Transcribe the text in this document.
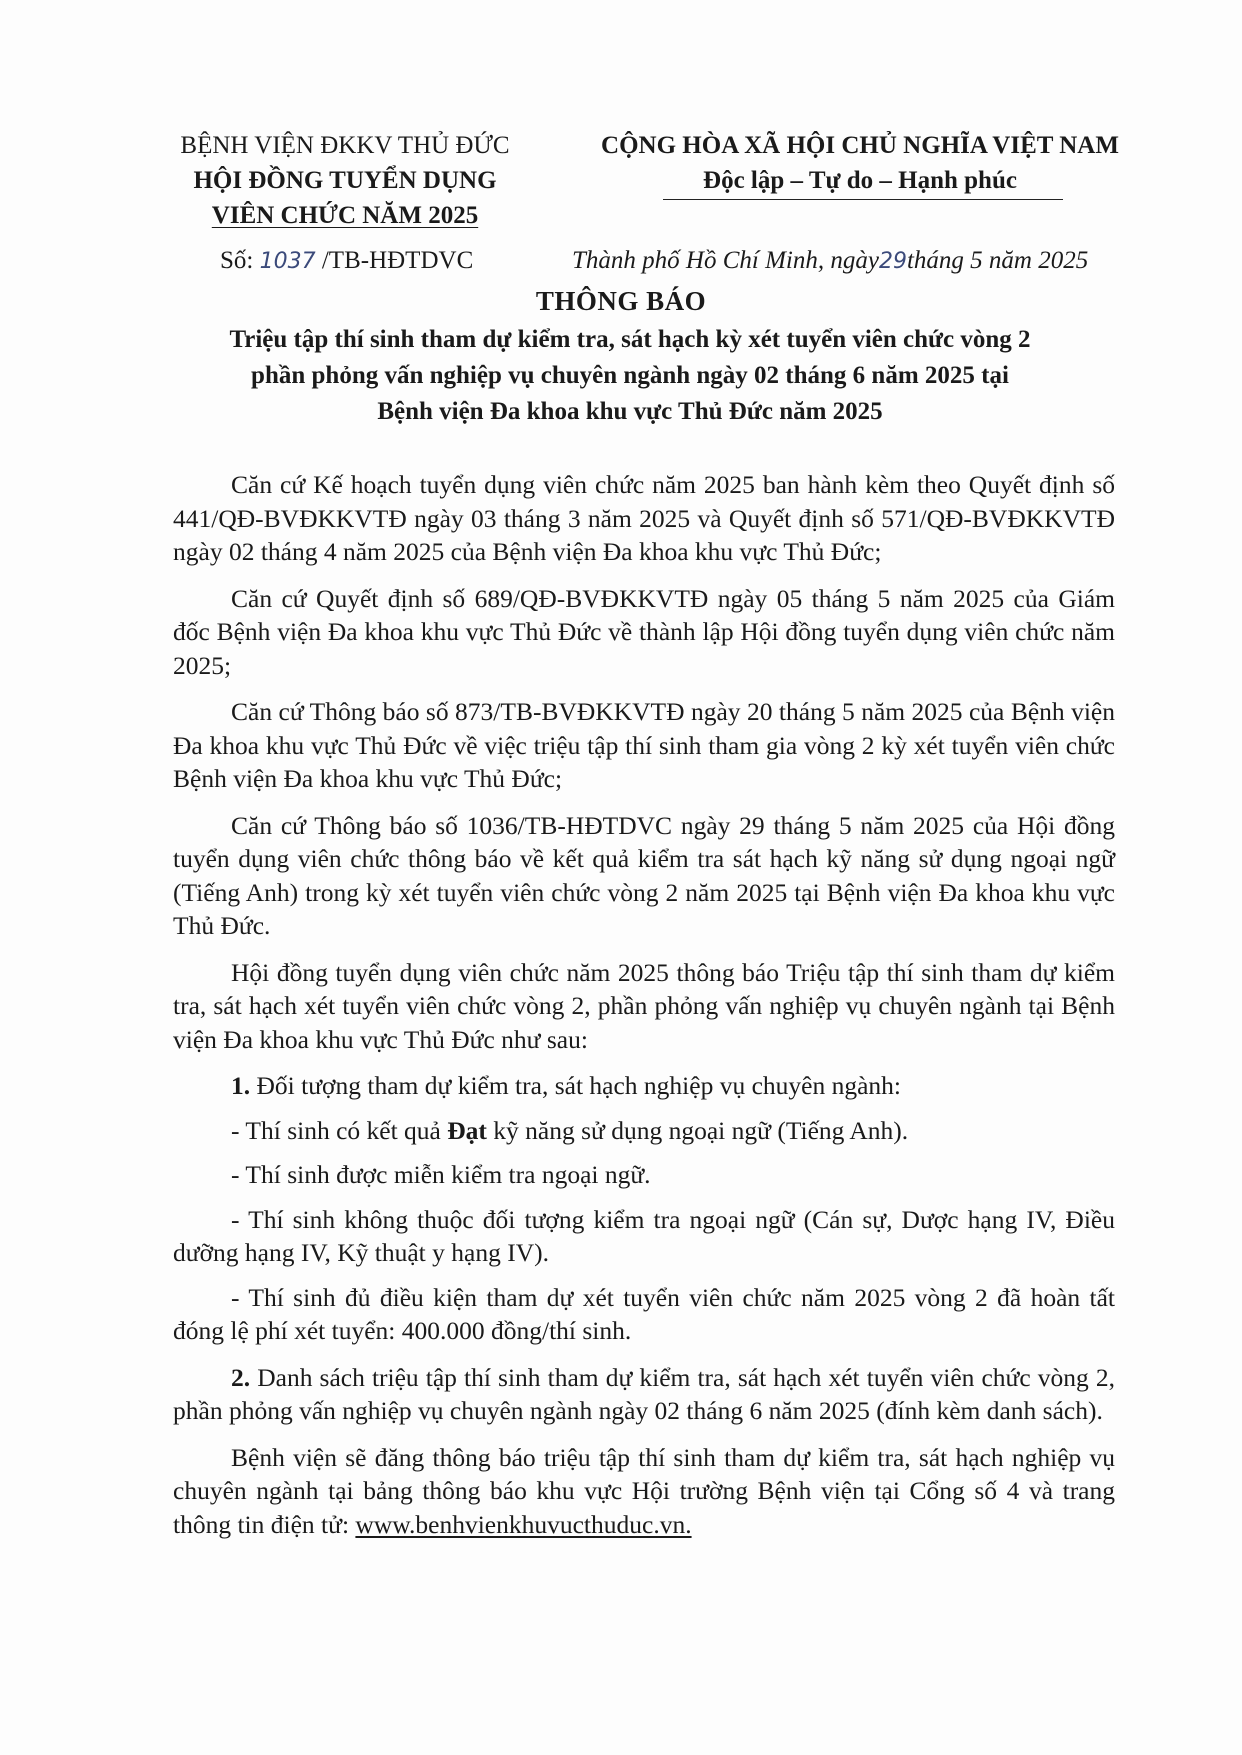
BỆNH VIỆN ĐKKV THỦ ĐỨC
HỘI ĐỒNG TUYỂN DỤNG
VIÊN CHỨC NĂM 2025
CỘNG HÒA XÃ HỘI CHỦ NGHĨA VIỆT NAM
Độc lập – Tự do – Hạnh phúc
Số: 1037 /TB-HĐTDVC	Thành phố Hồ Chí Minh, ngày29tháng 5 năm 2025
THÔNG BÁO
Triệu tập thí sinh tham dự kiểm tra, sát hạch kỳ xét tuyển viên chức vòng 2
phần phỏng vấn nghiệp vụ chuyên ngành ngày 02 tháng 6 năm 2025 tại
Bệnh viện Đa khoa khu vực Thủ Đức năm 2025

Căn cứ Kế hoạch tuyển dụng viên chức năm 2025 ban hành kèm theo Quyết định số 441/QĐ-BVĐKKVTĐ ngày 03 tháng 3 năm 2025 và Quyết định số 571/QĐ-BVĐKKVTĐ ngày 02 tháng 4 năm 2025 của Bệnh viện Đa khoa khu vực Thủ Đức;

Căn cứ Quyết định số 689/QĐ-BVĐKKVTĐ ngày 05 tháng 5 năm 2025 của Giám đốc Bệnh viện Đa khoa khu vực Thủ Đức về thành lập Hội đồng tuyển dụng viên chức năm 2025;

Căn cứ Thông báo số 873/TB-BVĐKKVTĐ ngày 20 tháng 5 năm 2025 của Bệnh viện Đa khoa khu vực Thủ Đức về việc triệu tập thí sinh tham gia vòng 2 kỳ xét tuyển viên chức Bệnh viện Đa khoa khu vực Thủ Đức;

Căn cứ Thông báo số 1036/TB-HĐTDVC ngày 29 tháng 5 năm 2025 của Hội đồng tuyển dụng viên chức thông báo về kết quả kiểm tra sát hạch kỹ năng sử dụng ngoại ngữ (Tiếng Anh) trong kỳ xét tuyển viên chức vòng 2 năm 2025 tại Bệnh viện Đa khoa khu vực Thủ Đức.

Hội đồng tuyển dụng viên chức năm 2025 thông báo Triệu tập thí sinh tham dự kiểm tra, sát hạch xét tuyển viên chức vòng 2, phần phỏng vấn nghiệp vụ chuyên ngành tại Bệnh viện Đa khoa khu vực Thủ Đức như sau:

1. Đối tượng tham dự kiểm tra, sát hạch nghiệp vụ chuyên ngành:

- Thí sinh có kết quả Đạt kỹ năng sử dụng ngoại ngữ (Tiếng Anh).

- Thí sinh được miễn kiểm tra ngoại ngữ.

- Thí sinh không thuộc đối tượng kiểm tra ngoại ngữ (Cán sự, Dược hạng IV, Điều dưỡng hạng IV, Kỹ thuật y hạng IV).

- Thí sinh đủ điều kiện tham dự xét tuyển viên chức năm 2025 vòng 2 đã hoàn tất đóng lệ phí xét tuyển: 400.000 đồng/thí sinh.

2. Danh sách triệu tập thí sinh tham dự kiểm tra, sát hạch xét tuyển viên chức vòng 2, phần phỏng vấn nghiệp vụ chuyên ngành ngày 02 tháng 6 năm 2025 (đính kèm danh sách).

Bệnh viện sẽ đăng thông báo triệu tập thí sinh tham dự kiểm tra, sát hạch nghiệp vụ chuyên ngành tại bảng thông báo khu vực Hội trường Bệnh viện tại Cổng số 4 và trang thông tin điện tử: www.benhvienkhuvucthuduc.vn.
